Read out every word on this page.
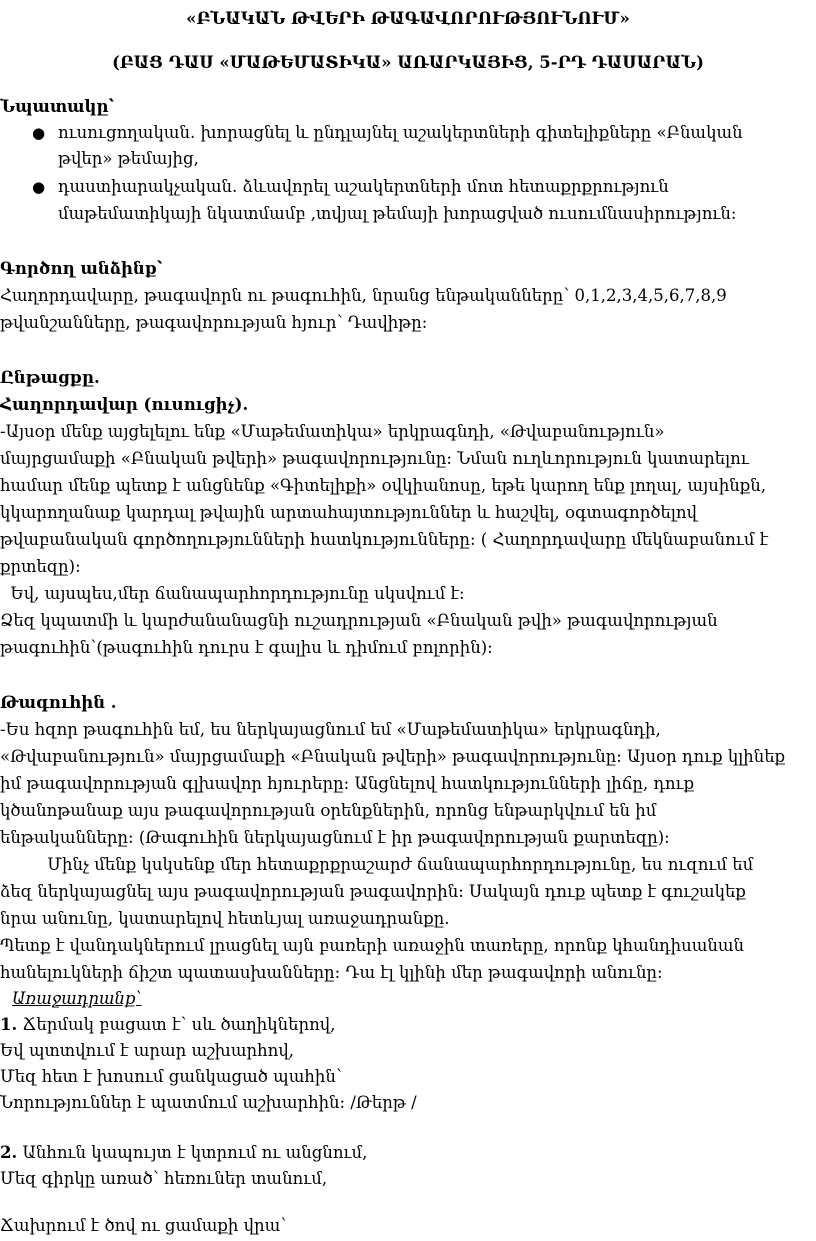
«ԲՆԱԿԱՆ ԹՎԵՐԻ ԹԱԳԱՎՈՐՈՒԹՅՈՒՆՈՒՄ»
(ԲԱՑ ԴԱՍ «ՄԱԹԵՄԱՏԻԿԱ» ԱՌԱՐԿԱՅԻՑ, 5-ՐԴ ԴԱՍԱՐԱՆ)
Նպատակը՝
● ուսուցողական. խորացնել և ընդլայնել աշակերտների գիտելիքները «Բնական
թվեր» թեմայից,
● դաստիարակչական. ձևավորել աշակերտների մոտ հետաքրքրություն
մաթեմատիկայի նկատմամբ ,տվյալ թեմայի խորացված ուսումնասիրություն:
Գործող անձինք՝
Հաղորդավարը, թագավորն ու թագուհին, նրանց ենթականները՝ 0,1,2,3,4,5,6,7,8,9
թվանշանները, թագավորության հյուր՝ Դավիթը:
Ընթացքը.
Հաղորդավար (ուսուցիչ).
-Այսօր մենք այցելելու ենք «Մաթեմատիկա» երկրագնդի, «Թվաբանություն»
մայրցամաքի «Բնական թվերի» թագավորությունը: Նման ուղևորություն կատարելու
համար մենք պետք է անցնենք «Գիտելիքի» օվկիանոսը, եթե կարող ենք լողալ, այսինքն,
կկարողանաք կարդալ թվային արտահայտություններ և հաշվել, օգտագործելով
թվաբանական գործողությունների հատկությունները: ( Հաղորդավարը մեկնաբանում է
քրտեզը):
Եվ, այսպես,մեր ճանապարհորդությունը սկսվում է:
Ձեզ կպատմի և կարժանանացնի ուշադրության «Բնական թվի» թագավորության
թագուհին՝(թագուհին դուրս է գալիս և դիմում բոլորին):
Թագուհին .
-Ես հզոր թագուհին եմ, ես ներկայացնում եմ «Մաթեմատիկա» երկրագնդի,
«Թվաբանություն» մայրցամաքի «Բնական թվերի» թագավորությունը: Այսօր դուք կլինեք
իմ թագավորության գլխավոր հյուրերը: Անցնելով հատկությունների լիճը, դուք
կծանոթանաք այս թագավորության օրենքներին, որոնց ենթարկվում են իմ
ենթականները: (Թագուհին ներկայացնում է իր թագավորության քարտեզը):
Մինչ մենք կսկսենք մեր հետաքրքրաշարժ ճանապարհորդությունը, ես ուզում եմ
ձեզ ներկայացնել այս թագավորության թագավորին: Սակայն դուք պետք է գուշակեք
նրա անունը, կատարելով հետևյալ առաջադրանքը.
Պետք է վանդակներում լրացնել այն բառերի առաջին տառերը, որոնք կհանդիսանան
հանելուկների ճիշտ պատասխանները: Դա էլ կլինի մեր թագավորի անունը:
Առաջադրանք՝
1. Ճերմակ բացատ է՝ սև ծաղիկներով,
Եվ պտտվում է արար աշխարհով,
Մեզ հետ է խոսում ցանկացած պահին՝
Նորություններ է պատմում աշխարհին: /Թերթ /
2. Անհուն կապույտ է կտրում ու անցնում,
Մեզ գիրկը առած՝ հեռուներ տանում,
Ճախրում է ծով ու ցամաքի վրա՝
